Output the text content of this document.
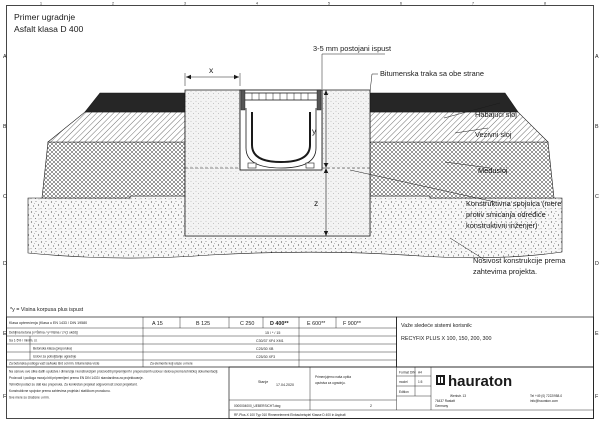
A
B
C
D
E
F
A
B
C
D
E
F
1	2	3	4	5	6	7	8
Primer ugradnje
Asfalt klasa D 400
x
y
z
3-5 mm postojani ispust
Bitumenska traka sa obe strane
Habajući sloj
Vezivni sloj
Međusloj
Konstruktivna spojnica (mere
protiv smicanja određiće
konstruktivni inženjer)
Nosivost konstrukcije prema
zahtevima projekta.
*y = Visina korpusa plus ispust
Klasa opterećenja (Klasa u EN 1433 / DIN 19580	A 15	B 125	C 250	D 400**	E 600**	F 900**
Debljina betona (x=Širina / y=Visina / z=(z ukdd))	15 / * / 15
Sa 1-5% / minim. sl.	C30/37 XF4 XM1
Betonska klasa (preporuka)	C25/30 XB
Uslovi za poboljšanje ugradnje	C25/30 XF3
Za betonska podloga važi se/kako Brd od min. bitumenska vrste	Za elemente koji ulaze u mere
Na osnovu ove slike datih uputstva i dimenzija i konstrukcijom proizvoditi pripremljenih i preporučenih uslova i delova prema tehničkoj dokumentaciji.
Proizvodi i podloga moraju biti pripremljeni prema EN DIN 1433 i standardima za projektovanje.
Tehnički podaci su dati kao preporuka. Za konkretan projekat odgovornost snosi projektant.
Konstruktivne spojnice prema zahtevima projekta i statičkom proračunu.
Sve mere su izražene u mm.
Važe sledeće sistemi korisnik:
RECYFIX PLUS X 100, 150, 200, 300
Stanje
17.04.2020
Primenjujemo naša opšta
uputstva za ugradnju.
0000004000_UEBERSICHT.dwg	2
Format DIN A4
model	1:5
Edition
RF-Plus-X 100 Typ 010 Rinnenelement Einbaubeispiel Klasse D 400 in Asphalt
hauraton
Werkstr. 13
76437 Rastatt
Germany
Tel +49 (0) 7222/958-0
info@hauraton.com
